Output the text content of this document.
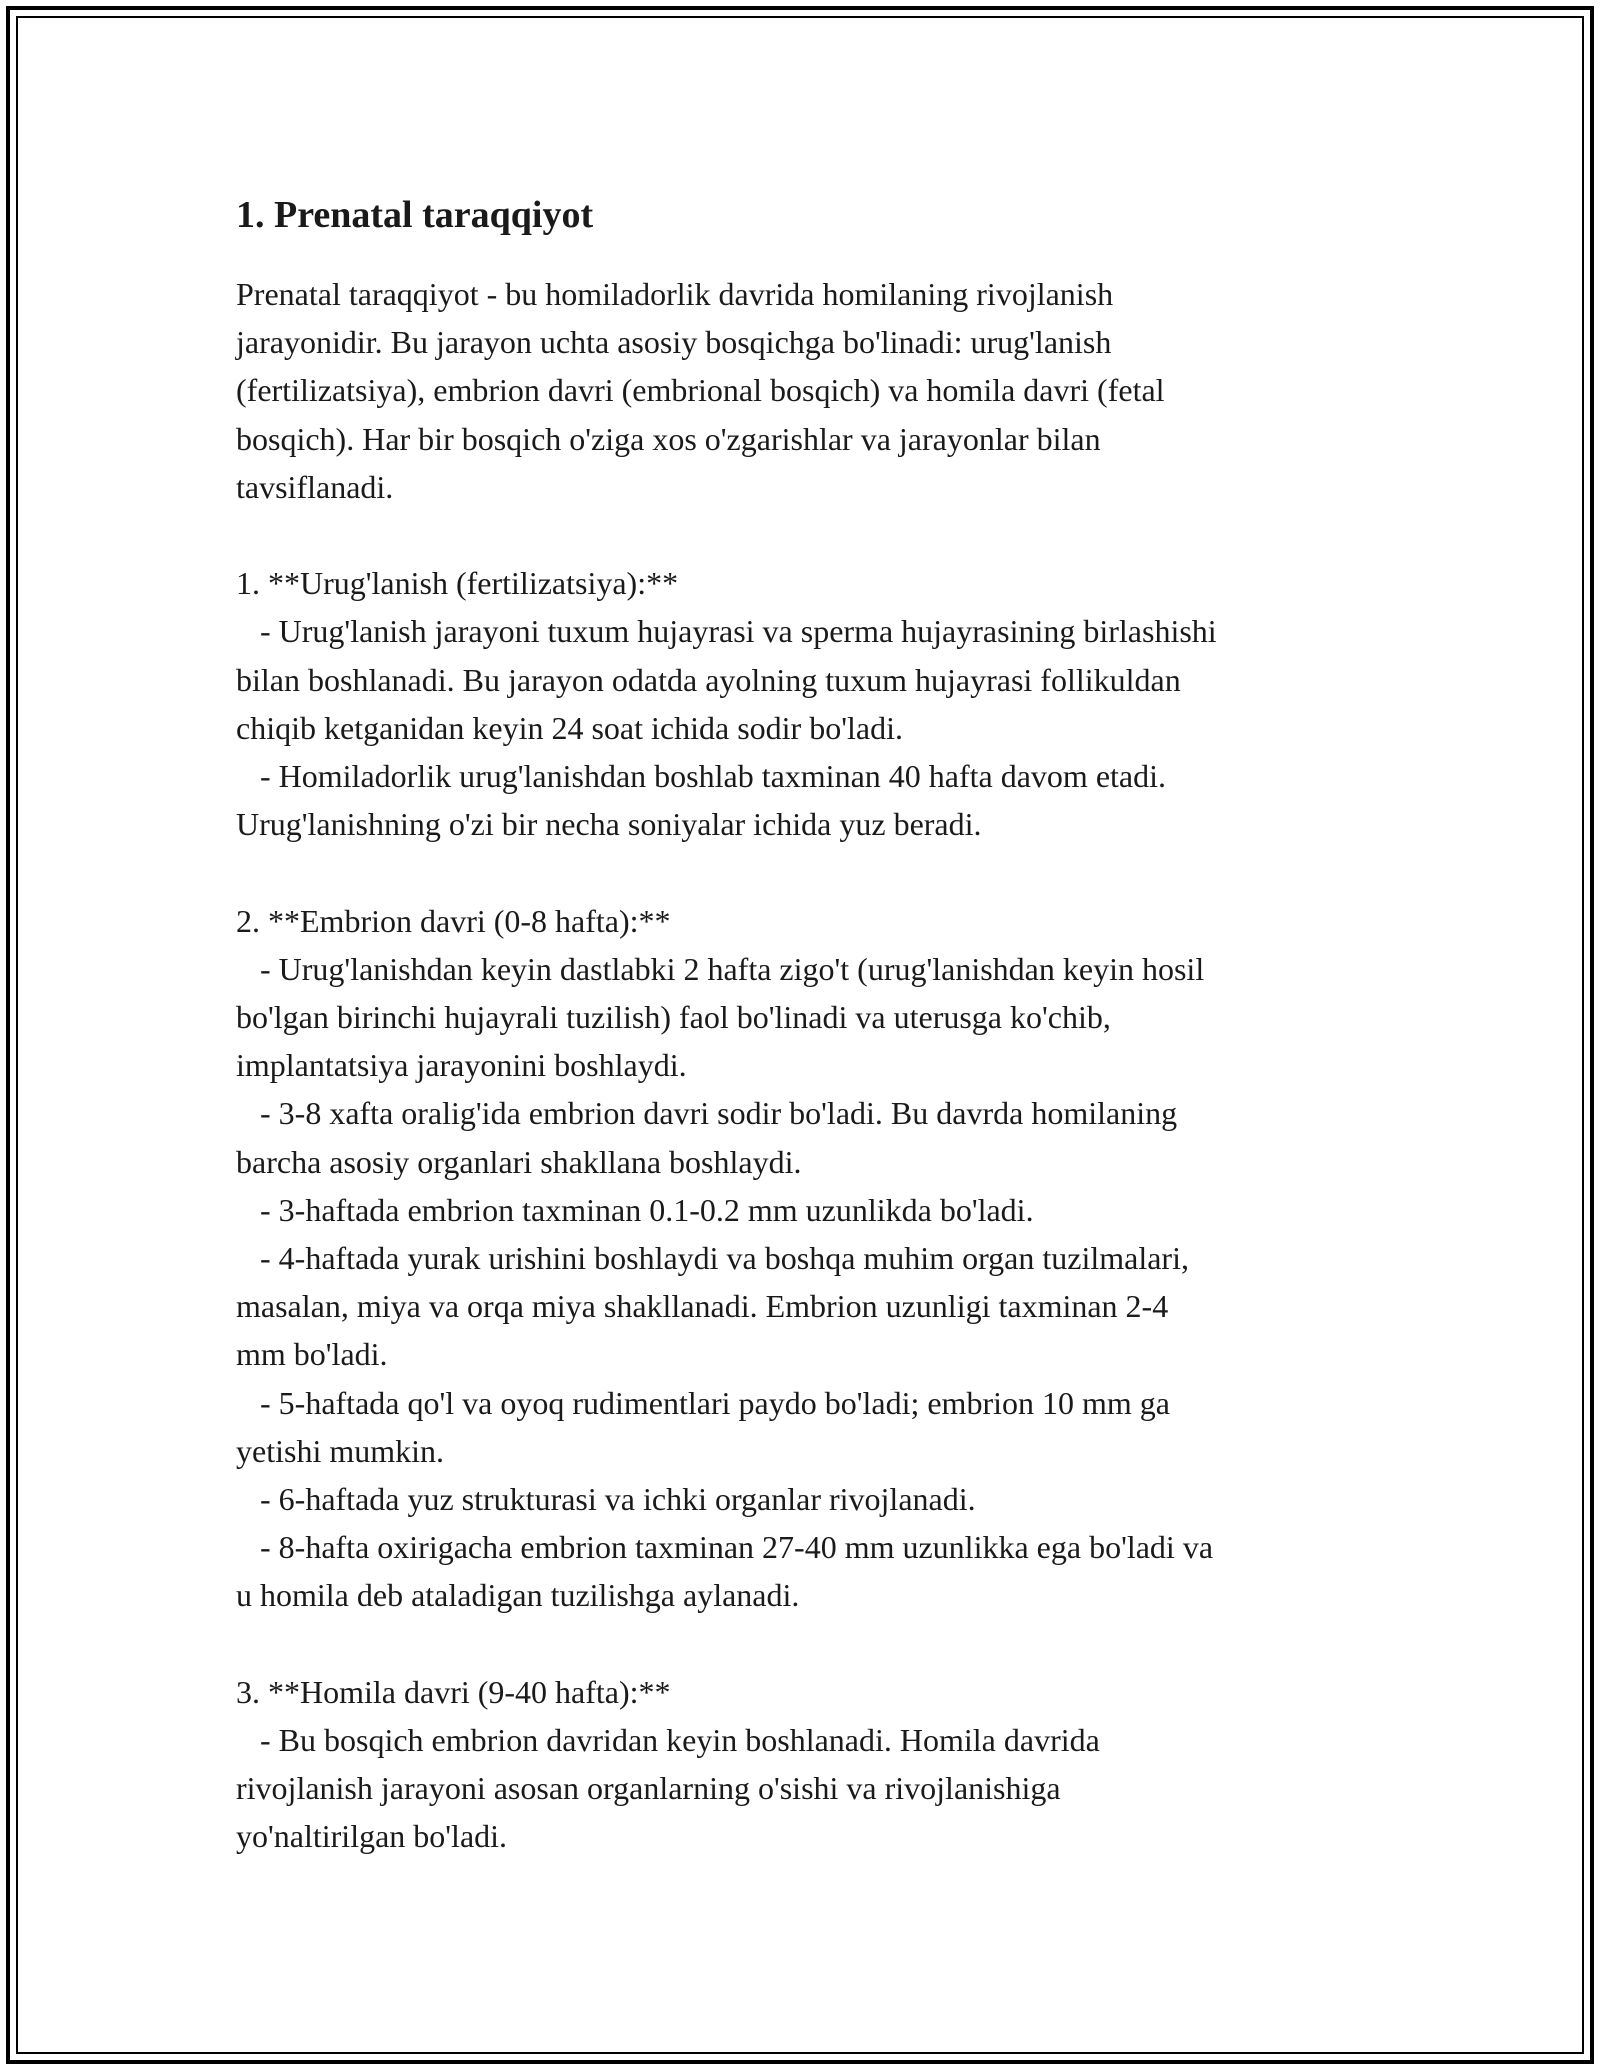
1. Prenatal taraqqiyot
Prenatal taraqqiyot - bu homiladorlik davrida homilaning rivojlanish
jarayonidir. Bu jarayon uchta asosiy bosqichga bo'linadi: urug'lanish
(fertilizatsiya), embrion davri (embrional bosqich) va homila davri (fetal
bosqich). Har bir bosqich o'ziga xos o'zgarishlar va jarayonlar bilan
tavsiflanadi.
1. **Urug'lanish (fertilizatsiya):**
- Urug'lanish jarayoni tuxum hujayrasi va sperma hujayrasining birlashishi
bilan boshlanadi. Bu jarayon odatda ayolning tuxum hujayrasi follikuldan
chiqib ketganidan keyin 24 soat ichida sodir bo'ladi.
- Homiladorlik urug'lanishdan boshlab taxminan 40 hafta davom etadi.
Urug'lanishning o'zi bir necha soniyalar ichida yuz beradi.
2. **Embrion davri (0-8 hafta):**
- Urug'lanishdan keyin dastlabki 2 hafta zigo't (urug'lanishdan keyin hosil
bo'lgan birinchi hujayrali tuzilish) faol bo'linadi va uterusga ko'chib,
implantatsiya jarayonini boshlaydi.
- 3-8 xafta oralig'ida embrion davri sodir bo'ladi. Bu davrda homilaning
barcha asosiy organlari shakllana boshlaydi.
- 3-haftada embrion taxminan 0.1-0.2 mm uzunlikda bo'ladi.
- 4-haftada yurak urishini boshlaydi va boshqa muhim organ tuzilmalari,
masalan, miya va orqa miya shakllanadi. Embrion uzunligi taxminan 2-4
mm bo'ladi.
- 5-haftada qo'l va oyoq rudimentlari paydo bo'ladi; embrion 10 mm ga
yetishi mumkin.
- 6-haftada yuz strukturasi va ichki organlar rivojlanadi.
- 8-hafta oxirigacha embrion taxminan 27-40 mm uzunlikka ega bo'ladi va
u homila deb ataladigan tuzilishga aylanadi.
3. **Homila davri (9-40 hafta):**
- Bu bosqich embrion davridan keyin boshlanadi. Homila davrida
rivojlanish jarayoni asosan organlarning o'sishi va rivojlanishiga
yo'naltirilgan bo'ladi.
